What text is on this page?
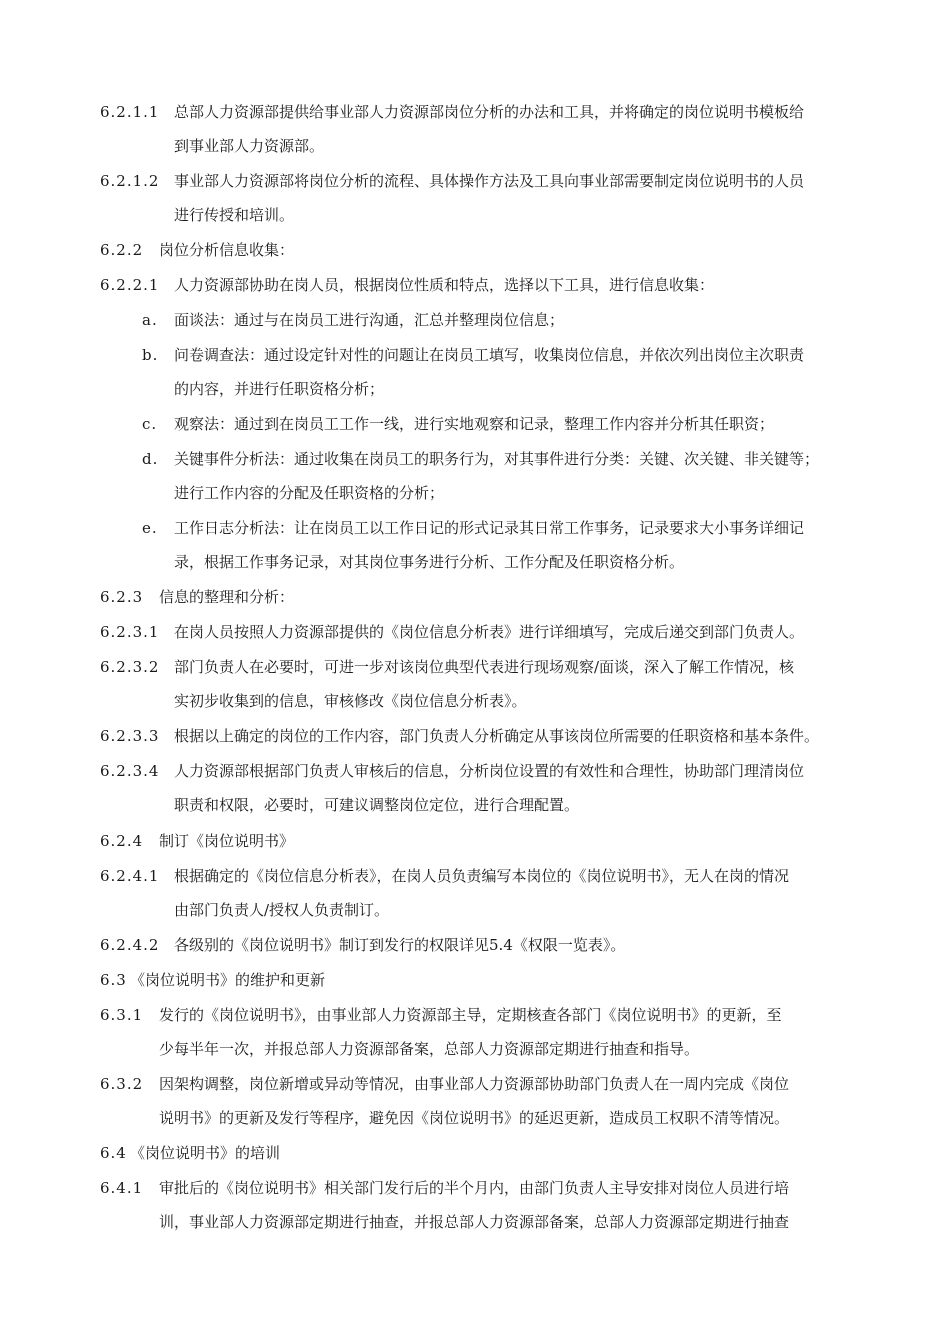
6.2.1.1 总部人力资源部提供给事业部人力资源部岗位分析的办法和工具，并将确定的岗位说明书模板给
到事业部人力资源部。
6.2.1.2 事业部人力资源部将岗位分析的流程、具体操作方法及工具向事业部需要制定岗位说明书的人员
进行传授和培训。
6.2.2 岗位分析信息收集：
6.2.2.1 人力资源部协助在岗人员，根据岗位性质和特点，选择以下工具，进行信息收集：
a. 面谈法：通过与在岗员工进行沟通，汇总并整理岗位信息；
b. 问卷调查法：通过设定针对性的问题让在岗员工填写，收集岗位信息，并依次列出岗位主次职责
的内容，并进行任职资格分析；
c. 观察法：通过到在岗员工工作一线，进行实地观察和记录，整理工作内容并分析其任职资；
d. 关键事件分析法：通过收集在岗员工的职务行为，对其事件进行分类：关键、次关键、非关键等；
进行工作内容的分配及任职资格的分析；
e. 工作日志分析法：让在岗员工以工作日记的形式记录其日常工作事务，记录要求大小事务详细记
录，根据工作事务记录，对其岗位事务进行分析、工作分配及任职资格分析。
6.2.3 信息的整理和分析：
6.2.3.1 在岗人员按照人力资源部提供的《岗位信息分析表》进行详细填写，完成后递交到部门负责人。
6.2.3.2 部门负责人在必要时，可进一步对该岗位典型代表进行现场观察/面谈，深入了解工作情况，核
实初步收集到的信息，审核修改《岗位信息分析表》。
6.2.3.3 根据以上确定的岗位的工作内容，部门负责人分析确定从事该岗位所需要的任职资格和基本条件。
6.2.3.4 人力资源部根据部门负责人审核后的信息，分析岗位设置的有效性和合理性，协助部门理清岗位
职责和权限，必要时，可建议调整岗位定位，进行合理配置。
6.2.4 制订《岗位说明书》
6.2.4.1 根据确定的《岗位信息分析表》，在岗人员负责编写本岗位的《岗位说明书》，无人在岗的情况
由部门负责人/授权人负责制订。
6.2.4.2 各级别的《岗位说明书》制订到发行的权限详见5.4《权限一览表》。
6.3 《岗位说明书》的维护和更新
6.3.1 发行的《岗位说明书》，由事业部人力资源部主导，定期核查各部门《岗位说明书》的更新，至
少每半年一次，并报总部人力资源部备案，总部人力资源部定期进行抽查和指导。
6.3.2 因架构调整，岗位新增或异动等情况，由事业部人力资源部协助部门负责人在一周内完成《岗位
说明书》的更新及发行等程序，避免因《岗位说明书》的延迟更新，造成员工权职不清等情况。
6.4 《岗位说明书》的培训
6.4.1 审批后的《岗位说明书》相关部门发行后的半个月内，由部门负责人主导安排对岗位人员进行培
训，事业部人力资源部定期进行抽查，并报总部人力资源部备案，总部人力资源部定期进行抽查
